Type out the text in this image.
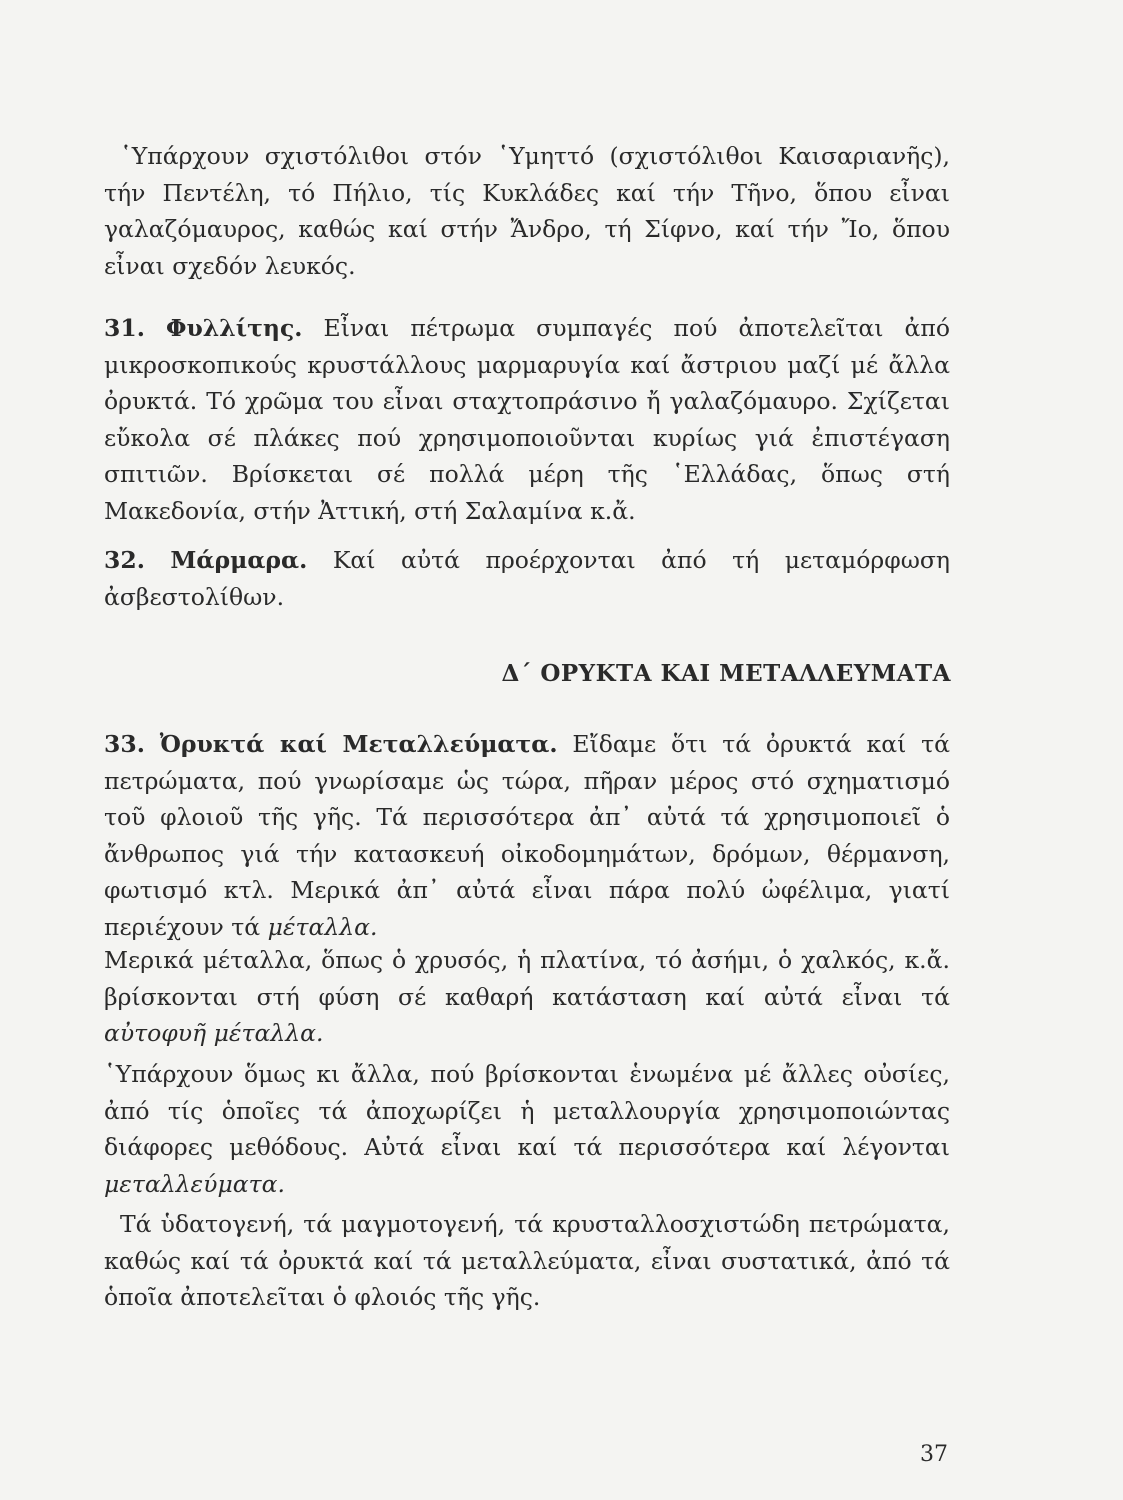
῾Υπάρχουν σχιστόλιθοι στόν ῾Υμηττό (σχιστόλιθοι Καισαριανῆς), τήν Πεντέλη, τό Πήλιο, τίς Κυκλάδες καί τήν Τῆνο, ὅπου εἶναι γαλαζόμαυρος, καθώς καί στήν Ἄνδρο, τή Σίφνο, καί τήν Ἴο, ὅπου εἶναι σχεδόν λευκός.

31. Φυλλίτης. Εἶναι πέτρωμα συμπαγές πού ἀποτελεῖται ἀπό μικροσκοπικούς κρυστάλλους μαρμαρυγία καί ἄστριου μαζί μέ ἄλλα ὀρυκτά. Τό χρῶμα του εἶναι σταχτοπράσινο ἤ γαλαζόμαυρο. Σχίζεται εὔκολα σέ πλάκες πού χρησιμοποιοῦνται κυρίως γιά ἐπιστέγαση σπιτιῶν. Βρίσκεται σέ πολλά μέρη τῆς ῾Ελλάδας, ὅπως στή Μακεδονία, στήν Ἀττική, στή Σαλαμίνα κ.ἄ.

32. Μάρμαρα. Καί αὐτά προέρχονται ἀπό τή μεταμόρφωση ἀσβεστολίθων.

Δ΄ ΟΡΥΚΤΑ ΚΑΙ ΜΕΤΑΛΛΕΥΜΑΤΑ

33. Ὀρυκτά καί Μεταλλεύματα. Εἴδαμε ὅτι τά ὀρυκτά καί τά πετρώματα, πού γνωρίσαμε ὡς τώρα, πῆραν μέρος στό σχηματισμό τοῦ φλοιοῦ τῆς γῆς. Τά περισσότερα ἀπ᾿ αὐτά τά χρησιμοποιεῖ ὁ ἄνθρωπος γιά τήν κατασκευή οἰκοδομημάτων, δρόμων, θέρμανση, φωτισμό κτλ. Μερικά ἀπ᾿ αὐτά εἶναι πάρα πολύ ὠφέλιμα, γιατί περιέχουν τά μέταλλα.

Μερικά μέταλλα, ὅπως ὁ χρυσός, ἡ πλατίνα, τό ἀσήμι, ὁ χαλκός, κ.ἄ. βρίσκονται στή φύση σέ καθαρή κατάσταση καί αὐτά εἶναι τά αὐτοφυῆ μέταλλα.

῾Υπάρχουν ὅμως κι ἄλλα, πού βρίσκονται ἑνωμένα μέ ἄλλες οὐσίες, ἀπό τίς ὁποῖες τά ἀποχωρίζει ἡ μεταλλουργία χρησιμοποιώντας διάφορες μεθόδους. Αὐτά εἶναι καί τά περισσότερα καί λέγονται μεταλλεύματα.

Τά ὑδατογενή, τά μαγμοτογενή, τά κρυσταλλοσχιστώδη πετρώματα, καθώς καί τά ὀρυκτά καί τά μεταλλεύματα, εἶναι συστατικά, ἀπό τά ὁποῖα ἀποτελεῖται ὁ φλοιός τῆς γῆς.

37
